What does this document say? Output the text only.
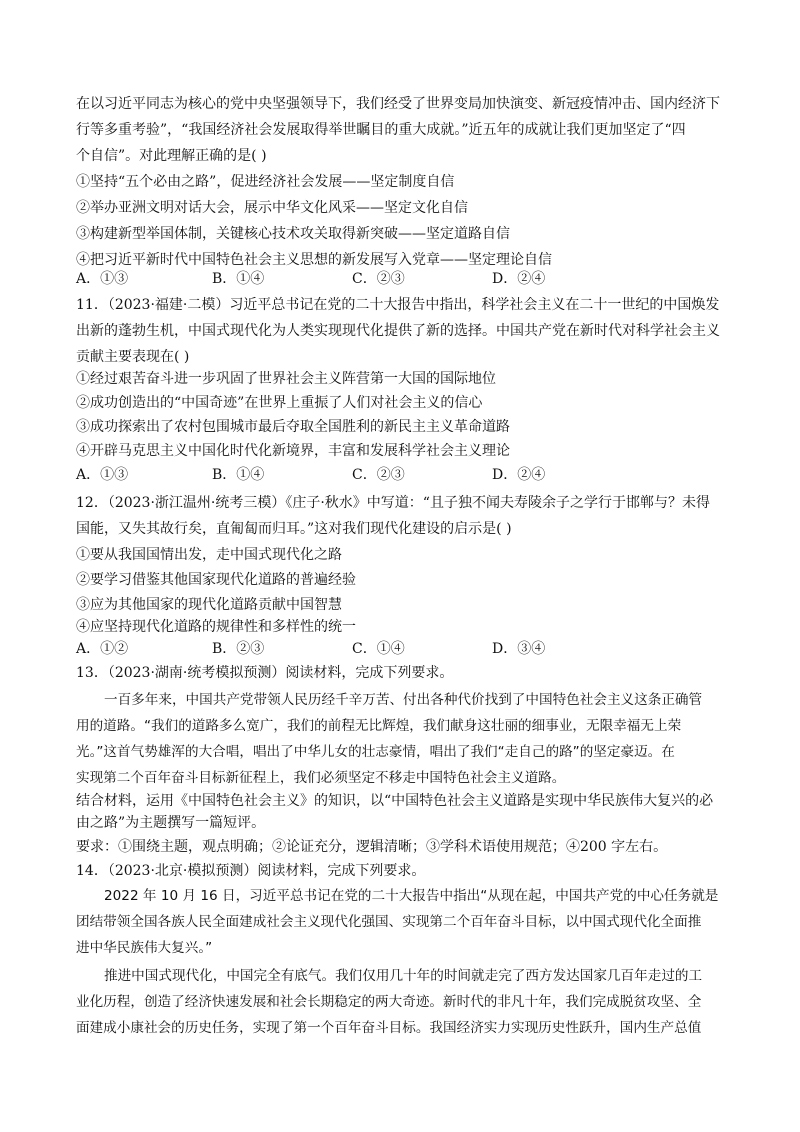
在以习近平同志为核心的党中央坚强领导下，我们经受了世界变局加快演变、新冠疫情冲击、国内经济下
行等多重考验”，“我国经济社会发展取得举世瞩目的重大成就。”近五年的成就让我们更加坚定了“四
个自信”。对此理解正确的是( )
①坚持“五个必由之路”，促进经济社会发展——坚定制度自信
②举办亚洲文明对话大会，展示中华文化风采——坚定文化自信
③构建新型举国体制，关键核心技术攻关取得新突破——坚定道路自信
④把习近平新时代中国特色社会主义思想的新发展写入党章——坚定理论自信
A．①③	B．①④	C．②③	D．②④
11．（2023·福建·二模）习近平总书记在党的二十大报告中指出，科学社会主义在二十一世纪的中国焕发
出新的蓬勃生机，中国式现代化为人类实现现代化提供了新的选择。中国共产党在新时代对科学社会主义
贡献主要表现在( )
①经过艰苦奋斗进一步巩固了世界社会主义阵营第一大国的国际地位
②成功创造出的“中国奇迹”在世界上重振了人们对社会主义的信心
③成功探索出了农村包围城市最后夺取全国胜利的新民主主义革命道路
④开辟马克思主义中国化时代化新境界，丰富和发展科学社会主义理论
A．①③	B．①④	C．②③	D．②④
12．（2023·浙江温州·统考三模）《庄子·秋水》中写道：“且子独不闻夫寿陵余子之学行于邯郸与？未得
国能，又失其故行矣，直匍匐而归耳。”这对我们现代化建设的启示是( )
①要从我国国情出发，走中国式现代化之路
②要学习借鉴其他国家现代化道路的普遍经验
③应为其他国家的现代化道路贡献中国智慧
④应坚持现代化道路的规律性和多样性的统一
A．①②	B．②③	C．①④	D．③④
13．（2023·湖南·统考模拟预测）阅读材料，完成下列要求。
一百多年来，中国共产党带领人民历经千辛万苦、付出各种代价找到了中国特色社会主义这条正确管
用的道路。“我们的道路多么宽广，我们的前程无比辉煌，我们献身这壮丽的细事业，无限幸福无上荣
光。”这首气势雄浑的大合唱，唱出了中华儿女的壮志豪情，唱出了我们“走自己的路”的坚定豪迈。在
实现第二个百年奋斗目标新征程上，我们必须坚定不移走中国特色社会主义道路。
结合材料，运用《中国特色社会主义》的知识，以“中国特色社会主义道路是实现中华民族伟大复兴的必
由之路”为主题撰写一篇短评。
要求：①围绕主题，观点明确；②论证充分，逻辑清晰；③学科术语使用规范；④200 字左右。
14．（2023·北京·模拟预测）阅读材料，完成下列要求。
2022 年 10 月 16 日，习近平总书记在党的二十大报告中指出“从现在起，中国共产党的中心任务就是
团结带领全国各族人民全面建成社会主义现代化强国、实现第二个百年奋斗目标，以中国式现代化全面推
进中华民族伟大复兴。”
推进中国式现代化，中国完全有底气。我们仅用几十年的时间就走完了西方发达国家几百年走过的工
业化历程，创造了经济快速发展和社会长期稳定的两大奇迹。新时代的非凡十年，我们完成脱贫攻坚、全
面建成小康社会的历史任务，实现了第一个百年奋斗目标。我国经济实力实现历史性跃升，国内生产总值
